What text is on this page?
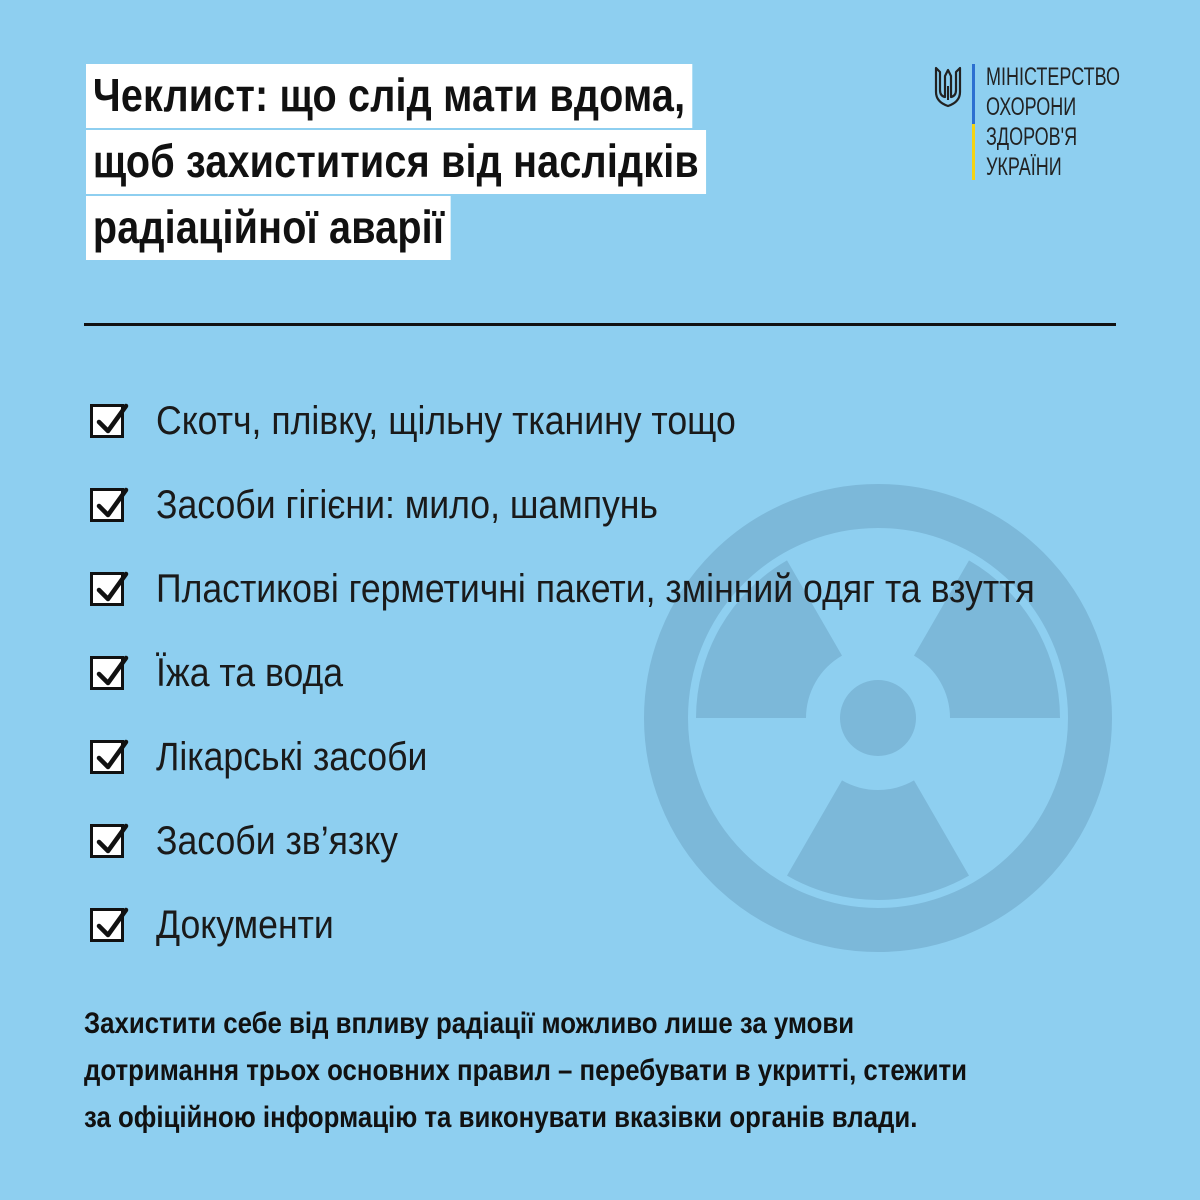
Чеклист: що слід мати вдома,
щоб захиститися від наслідків
радіаційної аварії
МІНІСТЕРСТВО
ОХОРОНИ
ЗДОРОВ'Я
УКРАЇНИ
Скотч, плівку, щільну тканину тощо
Засоби гігієни: мило, шампунь
Пластикові герметичні пакети, змінний одяг та взуття
Їжа та вода
Лікарські засоби
Засоби зв’язку
Документи
Захистити себе від впливу радіації можливо лише за умови
дотримання трьох основних правил – перебувати в укритті, стежити
за офіційною інформацію та виконувати вказівки органів влади.
